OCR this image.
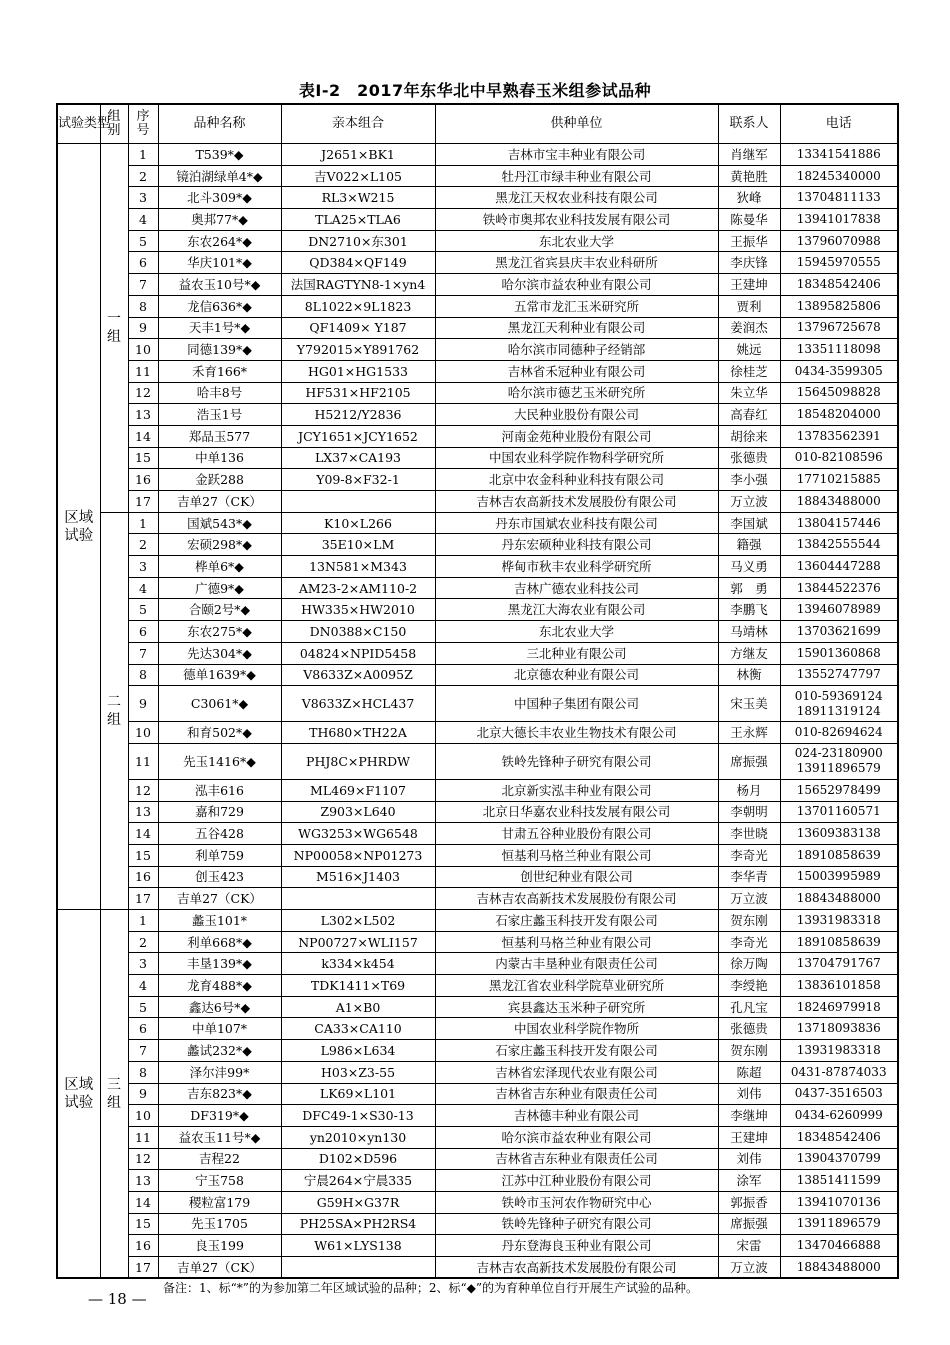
表I-2　2017年东华北中早熟春玉米组参试品种
试验类型	组别	序号	品种名称	亲本组合	供种单位	联系人	电话
区域试验	一组	1	T539*◆	J2651×BK1	吉林市宝丰种业有限公司	肖继军	13341541886

		2	镜泊湖绿单4*◆	吉V022×L105	牡丹江市绿丰种业有限公司	黄艳胜	18245340000

		3	北斗309*◆	RL3×W215	黑龙江天权农业科技有限公司	狄峰	13704811133

		4	奥邦77*◆	TLA25×TLA6	铁岭市奥邦农业科技发展有限公司	陈曼华	13941017838

		5	东农264*◆	DN2710×东301	东北农业大学	王振华	13796070988

		6	华庆101*◆	QD384×QF149	黑龙江省宾县庆丰农业科研所	李庆锋	15945970555

		7	益农玉10号*◆	法国RAGTYN8-1×yn4	哈尔滨市益农种业有限公司	王建坤	18348542406

		8	龙信636*◆	8L1022×9L1823	五常市龙汇玉米研究所	贾利	13895825806

		9	天丰1号*◆	QF1409× Y187	黑龙江天利种业有限公司	姜润杰	13796725678

		10	同德139*◆	Y792015×Y891762	哈尔滨市同德种子经销部	姚远	13351118098

		11	禾育166*	HG01×HG1533	吉林省禾冠种业有限公司	徐桂芝	0434-3599305

		12	哈丰8号	HF531×HF2105	哈尔滨市德艺玉米研究所	朱立华	15645098828

		13	浩玉1号	H5212/Y2836	大民种业股份有限公司	高春红	18548204000

		14	郑品玉577	JCY1651×JCY1652	河南金苑种业股份有限公司	胡徐来	13783562391

		15	中单136	LX37×CA193	中国农业科学院作物科学研究所	张德贵	010-82108596

		16	金跃288	Y09-8×F32-1	北京中农金科种业科技有限公司	李小强	17710215885

		17	吉单27（CK）		吉林吉农高新技术发展股份有限公司	万立波	18843488000

	二组	1	国斌543*◆	K10×L266	丹东市国斌农业科技有限公司	李国斌	13804157446

		2	宏硕298*◆	35E10×LM	丹东宏硕种业科技有限公司	籍强	13842555544

		3	桦单6*◆	13N581×M343	桦甸市秋丰农业科学研究所	马义勇	13604447288

		4	广德9*◆	AM23-2×AM110-2	吉林广德农业科技公司	郭　勇	13844522376

		5	合颐2号*◆	HW335×HW2010	黑龙江大海农业有限公司	李鹏飞	13946078989

		6	东农275*◆	DN0388×C150	东北农业大学	马靖林	13703621699

		7	先达304*◆	04824×NPID5458	三北种业有限公司	方继友	15901360868

		8	德单1639*◆	V8633Z×A0095Z	北京德农种业有限公司	林衡	13552747797

		9	C3061*◆	V8633Z×HCL437	中国种子集团有限公司	宋玉美	010-59369124
18911319124

		10	和育502*◆	TH680×TH22A	北京大德长丰农业生物技术有限公司	王永辉	010-82694624

		11	先玉1416*◆	PHJ8C×PHRDW	铁岭先锋种子研究有限公司	席振强	024-23180900
13911896579

		12	泓丰616	ML469×F1107	北京新实泓丰种业有限公司	杨月	15652978499

		13	嘉和729	Z903×L640	北京日华嘉农业科技发展有限公司	李朝明	13701160571

		14	五谷428	WG3253×WG6548	甘肃五谷种业股份有限公司	李世晓	13609383138

		15	利单759	NP00058×NP01273	恒基利马格兰种业有限公司	李奇光	18910858639

		16	创玉423	M516×J1403	创世纪种业有限公司	李华青	15003995989

		17	吉单27（CK）		吉林吉农高新技术发展股份有限公司	万立波	18843488000

区域试验	三组	1	蠡玉101*	L302×L502	石家庄蠡玉科技开发有限公司	贺东刚	13931983318

		2	利单668*◆	NP00727×WLI157	恒基利马格兰种业有限公司	李奇光	18910858639

		3	丰垦139*◆	k334×k454	内蒙古丰垦种业有限责任公司	徐万陶	13704791767

		4	龙育488*◆	TDK1411×T69	黑龙江省农业科学院草业研究所	李绶艳	13836101858

		5	鑫达6号*◆	A1×B0	宾县鑫达玉米种子研究所	孔凡宝	18246979918

		6	中单107*	CA33×CA110	中国农业科学院作物所	张德贵	13718093836

		7	蠡试232*◆	L986×L634	石家庄蠡玉科技开发有限公司	贺东刚	13931983318

		8	泽尔沣99*	H03×Z3-55	吉林省宏泽现代农业有限公司	陈超	0431-87874033

		9	吉东823*◆	LK69×L101	吉林省吉东种业有限责任公司	刘伟	0437-3516503

		10	DF319*◆	DFC49-1×S30-13	吉林德丰种业有限公司	李继坤	0434-6260999

		11	益农玉11号*◆	yn2010×yn130	哈尔滨市益农种业有限公司	王建坤	18348542406

		12	吉程22	D102×D596	吉林省吉东种业有限责任公司	刘伟	13904370799

		13	宁玉758	宁晨264×宁晨335	江苏中江种业股份有限公司	涂军	13851411599

		14	稷粒富179	G59H×G37R	铁岭市玉河农作物研究中心	郭振香	13941070136

		15	先玉1705	PH25SA×PH2RS4	铁岭先锋种子研究有限公司	席振强	13911896579

		16	良玉199	W61×LYS138	丹东登海良玉种业有限公司	宋雷	13470466888

		17	吉单27（CK）		吉林吉农高新技术发展股份有限公司	万立波	18843488000
备注：1、标“*”的为参加第二年区域试验的品种；2、标“◆”的为育种单位自行开展生产试验的品种。
— 18 —
